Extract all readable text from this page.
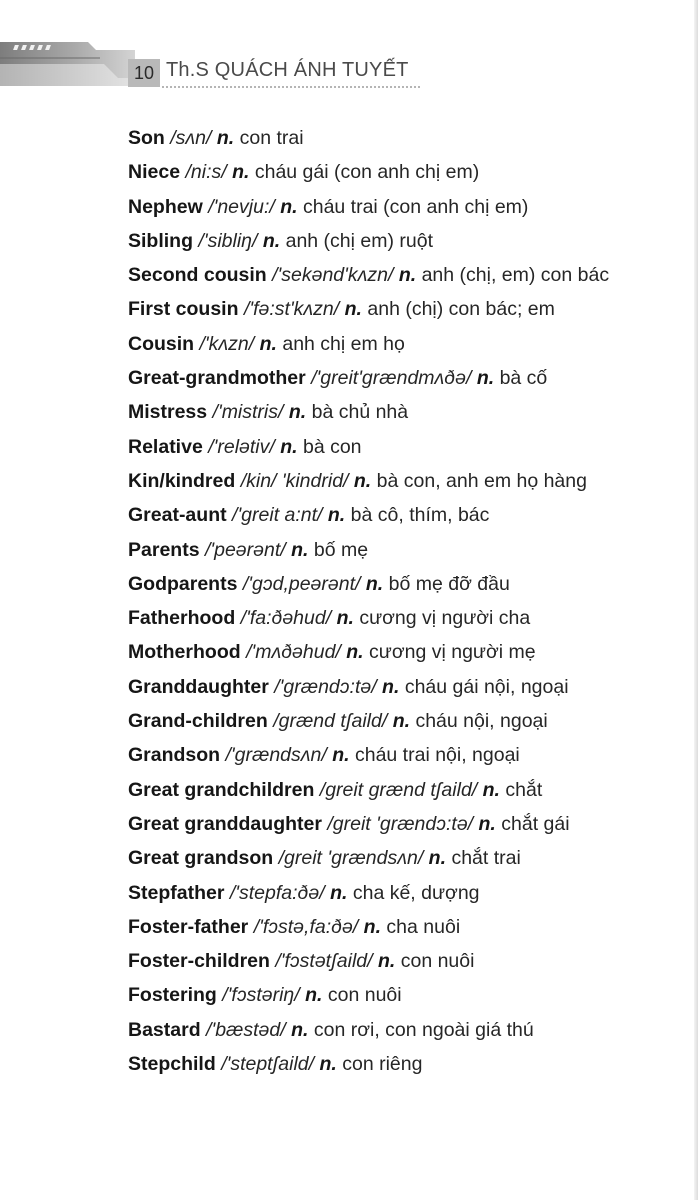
10 Th.S QUÁCH ÁNH TUYẾT
Son /sʌn/ n. con trai
Niece /ni:s/ n. cháu gái (con anh chị em)
Nephew /'nevju:/ n. cháu trai (con anh chị em)
Sibling /'sibliŋ/ n. anh (chị em) ruột
Second cousin /'sekənd'kʌzn/ n. anh (chị, em) con bác
First cousin /'fə:st'kʌzn/ n. anh (chị) con bác; em
Cousin /'kʌzn/ n. anh chị em họ
Great-grandmother /'greit'grændmʌðə/ n. bà cố
Mistress /'mistris/ n. bà chủ nhà
Relative /'relətiv/ n. bà con
Kin/kindred /kin/ 'kindrid/ n. bà con, anh em họ hàng
Great-aunt /'greit a:nt/ n. bà cô, thím, bác
Parents /'peərənt/ n. bố mẹ
Godparents /'gɔd,peərənt/ n. bố mẹ đỡ đầu
Fatherhood /'fa:ðəhud/ n. cương vị người cha
Motherhood /'mʌðəhud/ n. cương vị người mẹ
Granddaughter /'grændɔ:tə/ n. cháu gái nội, ngoại
Grand-children /grænd tʃaild/ n. cháu nội, ngoại
Grandson /'grændsʌn/ n. cháu trai nội, ngoại
Great grandchildren /greit grænd tʃaild/ n. chắt
Great granddaughter /greit 'grændɔ:tə/ n. chắt gái
Great grandson /greit 'grændsʌn/ n. chắt trai
Stepfather /'stepfa:ðə/ n. cha kế, dượng
Foster-father /'fɔstə,fa:ðə/ n. cha nuôi
Foster-children /'fɔstətʃaild/ n. con nuôi
Fostering /'fɔstəriŋ/ n. con nuôi
Bastard /'bæstəd/ n. con rơi, con ngoài giá thú
Stepchild /'steptʃaild/ n. con riêng
